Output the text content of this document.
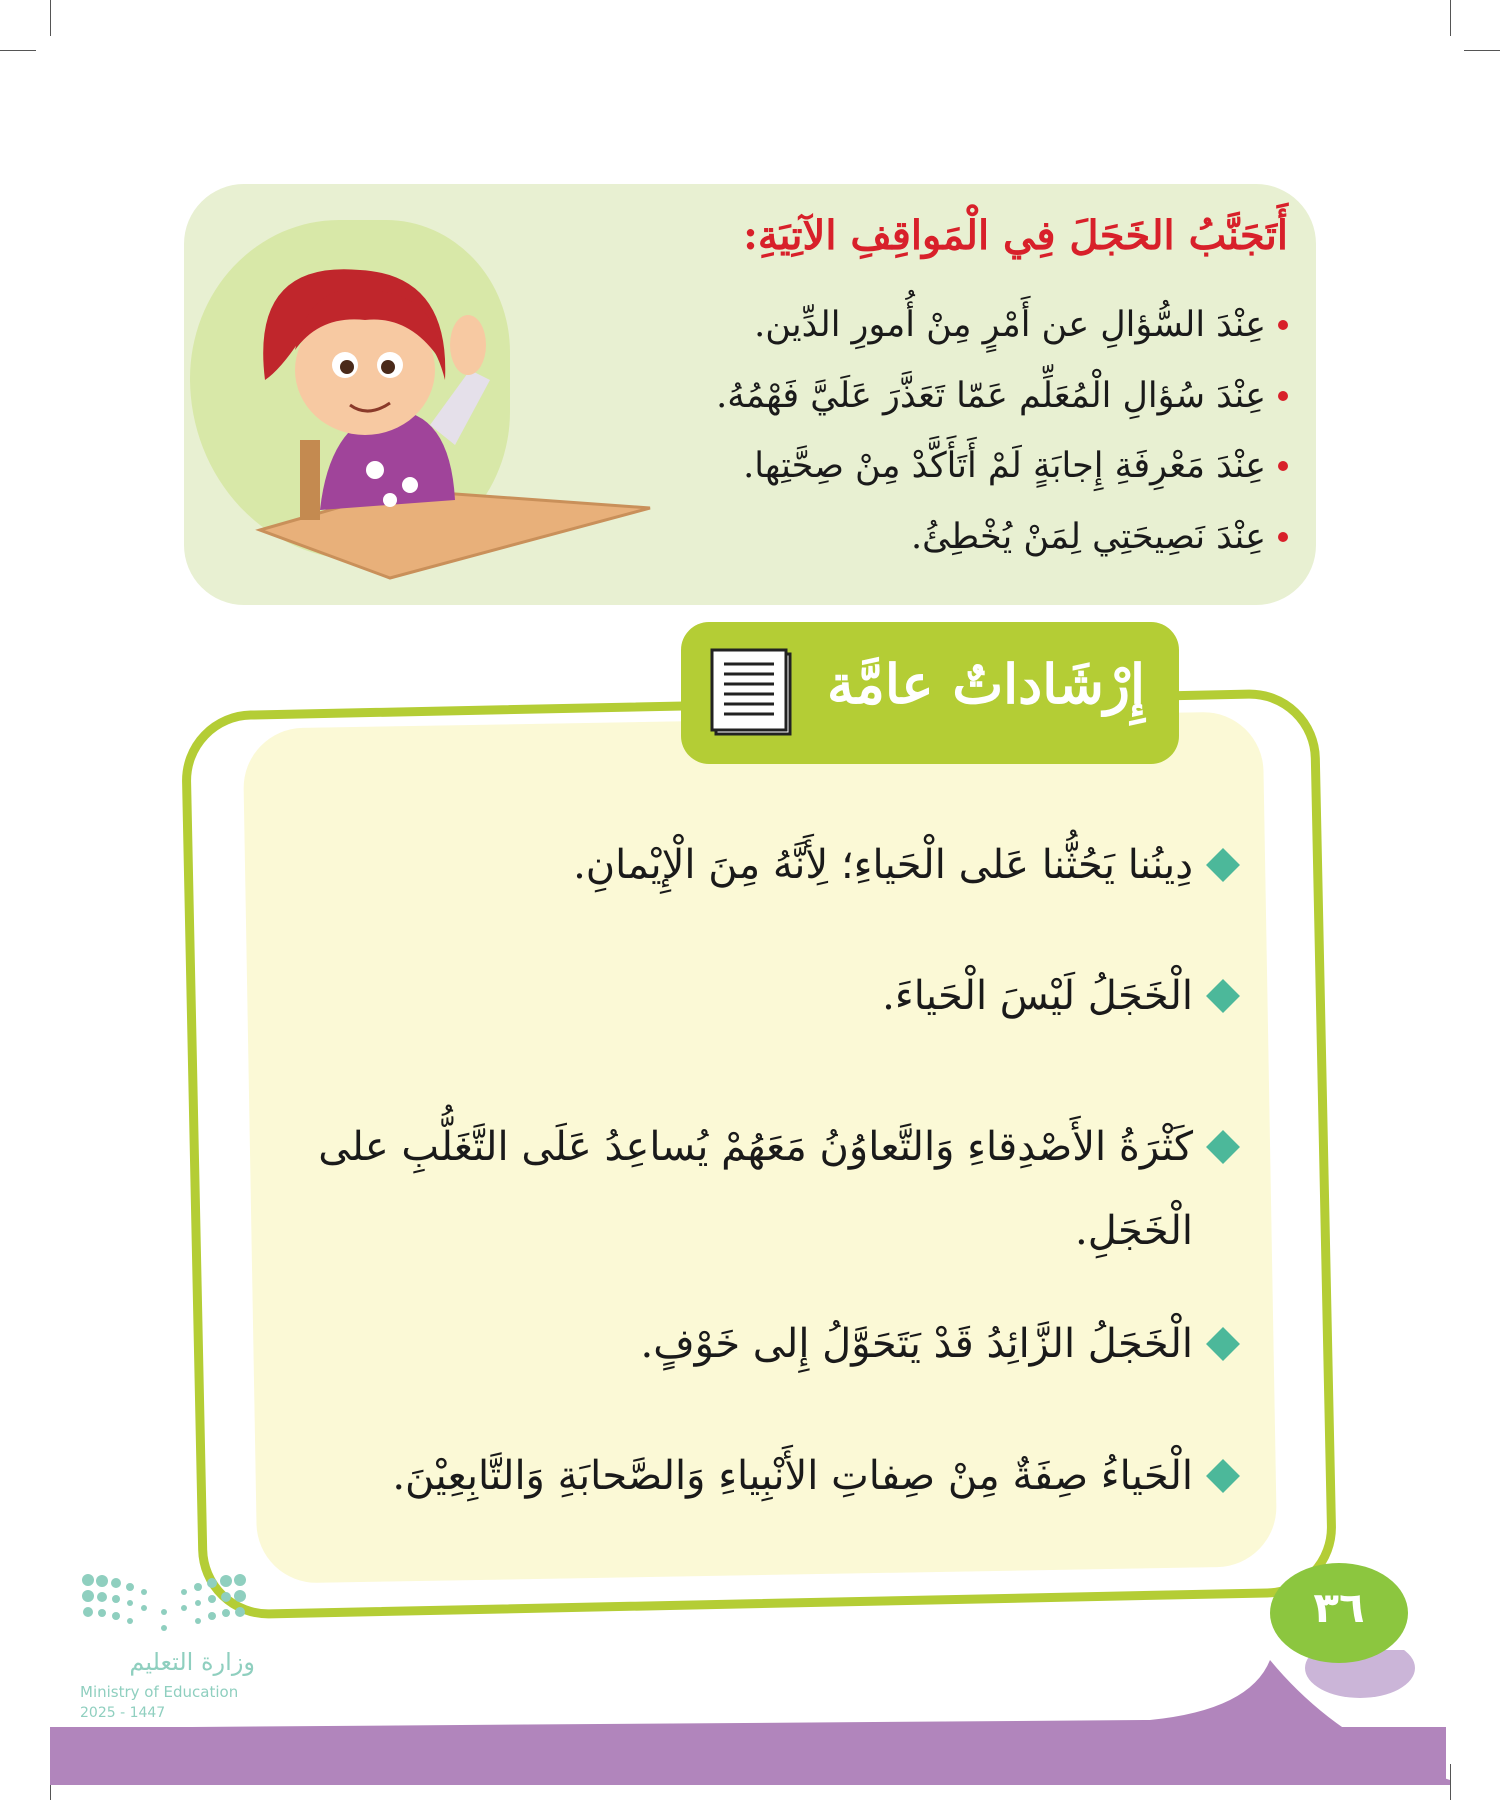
أَتَجَنَّبُ الخَجَلَ فِي الْمَواقِفِ الآتِيَةِ:
عِنْدَ السُّؤالِ عن أَمْرٍ مِنْ أُمورِ الدِّين.
عِنْدَ سُؤالِ الْمُعَلِّم عَمّا تَعَذَّرَ عَلَيَّ فَهْمُهُ.
عِنْدَ مَعْرِفَةِ إِجابَةٍ لَمْ أَتَأَكَّدْ مِنْ صِحَّتِها.
عِنْدَ نَصِيحَتِي لِمَنْ يُخْطِئُ.
إِرْشَاداتٌ عامَّة
دِينُنا يَحُثُّنا عَلى الْحَياءِ؛ لِأَنَّهُ مِنَ الْإِيْمانِ.
الْخَجَلُ لَيْسَ الْحَياءَ.
كَثْرَةُ الأَصْدِقاءِ وَالتَّعاوُنُ مَعَهُمْ يُساعِدُ عَلَى التَّغَلُّبِ على الْخَجَلِ.
الْخَجَلُ الزَّائِدُ قَدْ يَتَحَوَّلُ إِلى خَوْفٍ.
الْحَياءُ صِفَةٌ مِنْ صِفاتِ الأَنْبِياءِ وَالصَّحابَةِ وَالتَّابِعِيْنَ.
وزارة التعليم
Ministry of Education
2025 - 1447
٣٦
